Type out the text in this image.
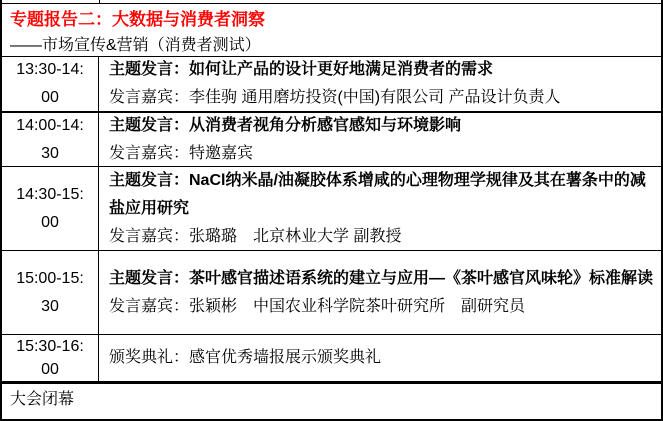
专题报告二：大数据与消费者洞察
——市场宣传&营销（消费者测试）
13:30-14:
00
主题发言：如何让产品的设计更好地满足消费者的需求
发言嘉宾：李佳驹 通用磨坊投资(中国)有限公司 产品设计负责人
14:00-14:
30
主题发言：从消费者视角分析感官感知与环境影响
发言嘉宾：特邀嘉宾
14:30-15:
00
主题发言：NaCl纳米晶/油凝胶体系增咸的心理物理学规律及其在薯条中的减盐应用研究
发言嘉宾：张璐璐　北京林业大学 副教授
15:00-15:
30
主题发言：茶叶感官描述语系统的建立与应用—《茶叶感官风味轮》标准解读
发言嘉宾：张颖彬　中国农业科学院茶叶研究所　副研究员
15:30-16:
00
颁奖典礼：感官优秀墙报展示颁奖典礼
大会闭幕
